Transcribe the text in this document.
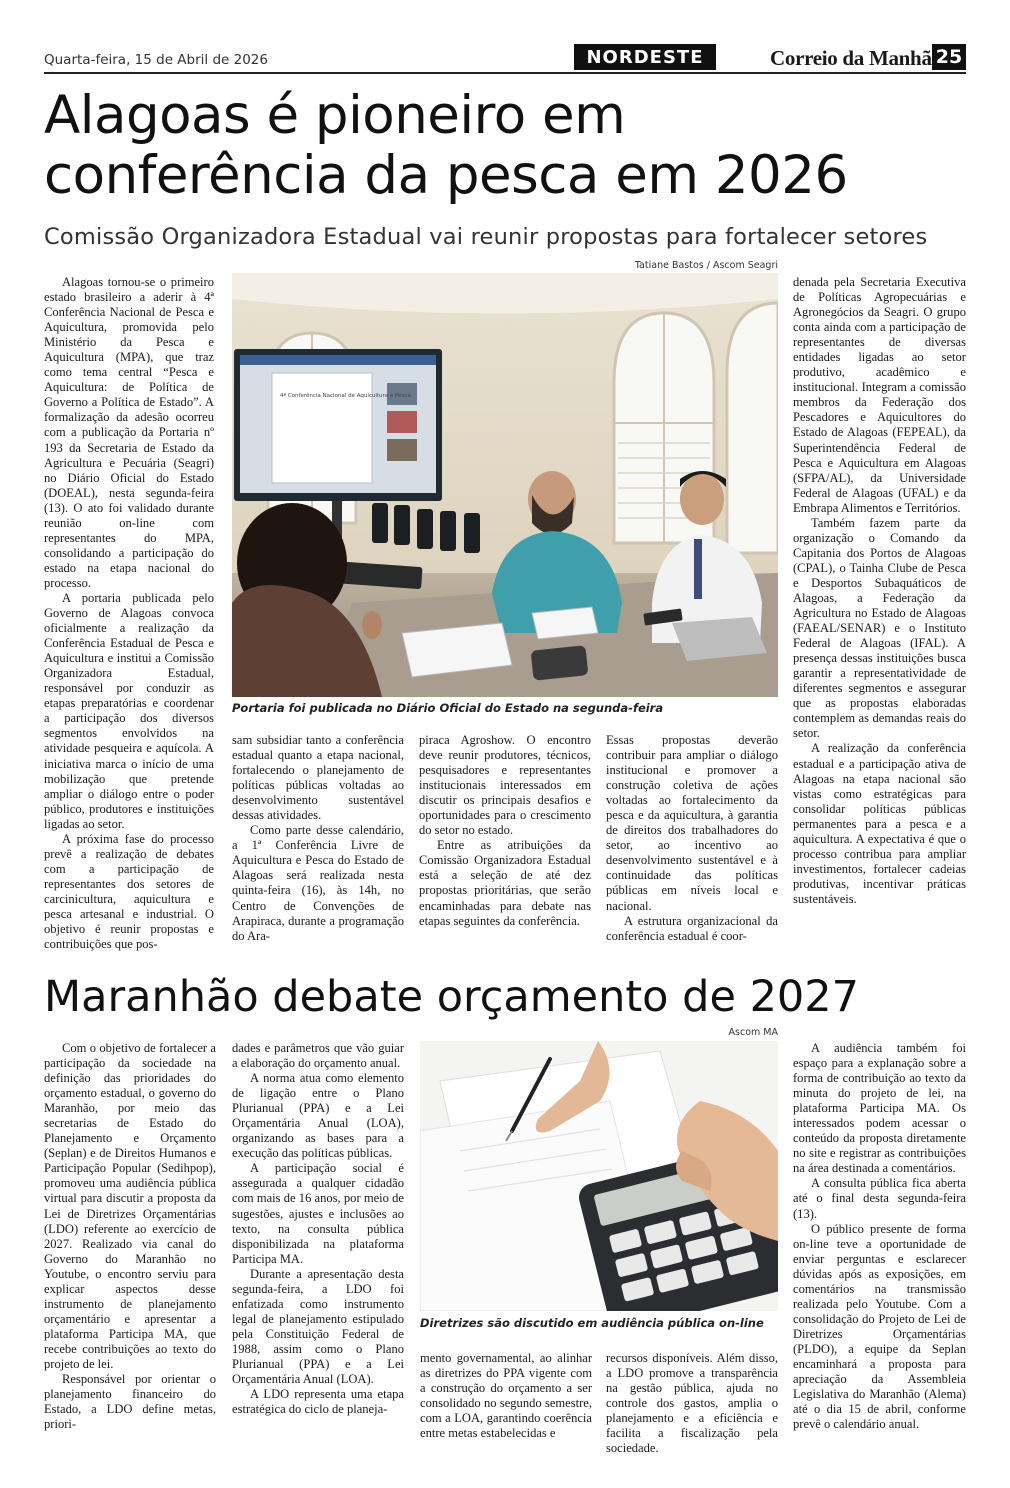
Quarta-feira, 15 de Abril de 2026	NORDESTE	Correio da Manhã 25
Alagoas é pioneiro em
conferência da pesca em 2026
Comissão Organizadora Estadual vai reunir propostas para fortalecer setores

Alagoas tornou-se o primeiro estado brasileiro a aderir à 4ª Conferência Nacional de Pesca e Aquicultura, promovida pelo Ministério da Pesca e Aquicultura (MPA), que traz como tema central “Pesca e Aquicultura: de Política de Governo a Política de Estado”. A formalização da adesão ocorreu com a publicação da Portaria nº 193 da Secretaria de Estado da Agricultura e Pecuária (Seagri) no Diário Oficial do Estado (DOEAL), nesta segunda-feira (13). O ato foi validado durante reunião on-line com representantes do MPA, consolidando a participação do estado na etapa nacional do processo.

A portaria publicada pelo Governo de Alagoas convoca oficialmente a realização da Conferência Estadual de Pesca e Aquicultura e institui a Comissão Organizadora Estadual, responsável por conduzir as etapas preparatórias e coordenar a participação dos diversos segmentos envolvidos na atividade pesqueira e aquícola. A iniciativa marca o início de uma mobilização que pretende ampliar o diálogo entre o poder público, produtores e instituições ligadas ao setor.

A próxima fase do processo prevê a realização de debates com a participação de representantes dos setores de carcinicultura, aquicultura e pesca artesanal e industrial. O objetivo é reunir propostas e contribuições que pos-

Tatiane Bastos / Ascom Seagri
4ª Conferência Nacional de Aquicultura e Pesca
Portaria foi publicada no Diário Oficial do Estado na segunda-feira

sam subsidiar tanto a conferência estadual quanto a etapa nacional, fortalecendo o planejamento de políticas públicas voltadas ao desenvolvimento sustentável dessas atividades.

Como parte desse calendário, a 1ª Conferência Livre de Aquicultura e Pesca do Estado de Alagoas será realizada nesta quinta-feira (16), às 14h, no Centro de Convenções de Arapiraca, durante a programação do Ara-

piraca Agroshow. O encontro deve reunir produtores, técnicos, pesquisadores e representantes institucionais interessados em discutir os principais desafios e oportunidades para o crescimento do setor no estado.

Entre as atribuições da Comissão Organizadora Estadual está a seleção de até dez propostas prioritárias, que serão encaminhadas para debate nas etapas seguintes da conferência.

Essas propostas deverão contribuir para ampliar o diálogo institucional e promover a construção coletiva de ações voltadas ao fortalecimento da pesca e da aquicultura, à garantia de direitos dos trabalhadores do setor, ao incentivo ao desenvolvimento sustentável e à continuidade das políticas públicas em níveis local e nacional.

A estrutura organizacional da conferência estadual é coor-

denada pela Secretaria Executiva de Políticas Agropecuárias e Agronegócios da Seagri. O grupo conta ainda com a participação de representantes de diversas entidades ligadas ao setor produtivo, acadêmico e institucional. Integram a comissão membros da Federação dos Pescadores e Aquicultores do Estado de Alagoas (FEPEAL), da Superintendência Federal de Pesca e Aquicultura em Alagoas (SFPA/AL), da Universidade Federal de Alagoas (UFAL) e da Embrapa Alimentos e Territórios.

Também fazem parte da organização o Comando da Capitania dos Portos de Alagoas (CPAL), o Tainha Clube de Pesca e Desportos Subaquáticos de Alagoas, a Federação da Agricultura no Estado de Alagoas (FAEAL/SENAR) e o Instituto Federal de Alagoas (IFAL). A presença dessas instituições busca garantir a representatividade de diferentes segmentos e assegurar que as propostas elaboradas contemplem as demandas reais do setor.

A realização da conferência estadual e a participação ativa de Alagoas na etapa nacional são vistas como estratégicas para consolidar políticas públicas permanentes para a pesca e a aquicultura. A expectativa é que o processo contribua para ampliar investimentos, fortalecer cadeias produtivas, incentivar práticas sustentáveis.

Maranhão debate orçamento de 2027

Com o objetivo de fortalecer a participação da sociedade na definição das prioridades do orçamento estadual, o governo do Maranhão, por meio das secretarias de Estado do Planejamento e Orçamento (Seplan) e de Direitos Humanos e Participação Popular (Sedihpop), promoveu uma audiência pública virtual para discutir a proposta da Lei de Diretrizes Orçamentárias (LDO) referente ao exercício de 2027. Realizado via canal do Governo do Maranhão no Youtube, o encontro serviu para explicar aspectos desse instrumento de planejamento orçamentário e apresentar a plataforma Participa MA, que recebe contribuições ao texto do projeto de lei.

Responsável por orientar o planejamento financeiro do Estado, a LDO define metas, priori-

dades e parâmetros que vão guiar a elaboração do orçamento anual.

A norma atua como elemento de ligação entre o Plano Plurianual (PPA) e a Lei Orçamentária Anual (LOA), organizando as bases para a execução das políticas públicas.

A participação social é assegurada a qualquer cidadão com mais de 16 anos, por meio de sugestões, ajustes e inclusões ao texto, na consulta pública disponibilizada na plataforma Participa MA.

Durante a apresentação desta segunda-feira, a LDO foi enfatizada como instrumento legal de planejamento estipulado pela Constituição Federal de 1988, assim como o Plano Plurianual (PPA) e a Lei Orçamentária Anual (LOA).

A LDO representa uma etapa estratégica do ciclo de planeja-

Ascom MA
Diretrizes são discutido em audiência pública on-line

mento governamental, ao alinhar as diretrizes do PPA vigente com a construção do orçamento a ser consolidado no segundo semestre, com a LOA, garantindo coerência entre metas estabelecidas e

recursos disponíveis. Além disso, a LDO promove a transparência na gestão pública, ajuda no controle dos gastos, amplia o planejamento e a eficiência e facilita a fiscalização pela sociedade.

A audiência também foi espaço para a explanação sobre a forma de contribuição ao texto da minuta do projeto de lei, na plataforma Participa MA. Os interessados podem acessar o conteúdo da proposta diretamente no site e registrar as contribuições na área destinada a comentários.

A consulta pública fica aberta até o final desta segunda-feira (13).

O público presente de forma on-line teve a oportunidade de enviar perguntas e esclarecer dúvidas após as exposições, em comentários na transmissão realizada pelo Youtube. Com a consolidação do Projeto de Lei de Diretrizes Orçamentárias (PLDO), a equipe da Seplan encaminhará a proposta para apreciação da Assembleia Legislativa do Maranhão (Alema) até o dia 15 de abril, conforme prevê o calendário anual.
